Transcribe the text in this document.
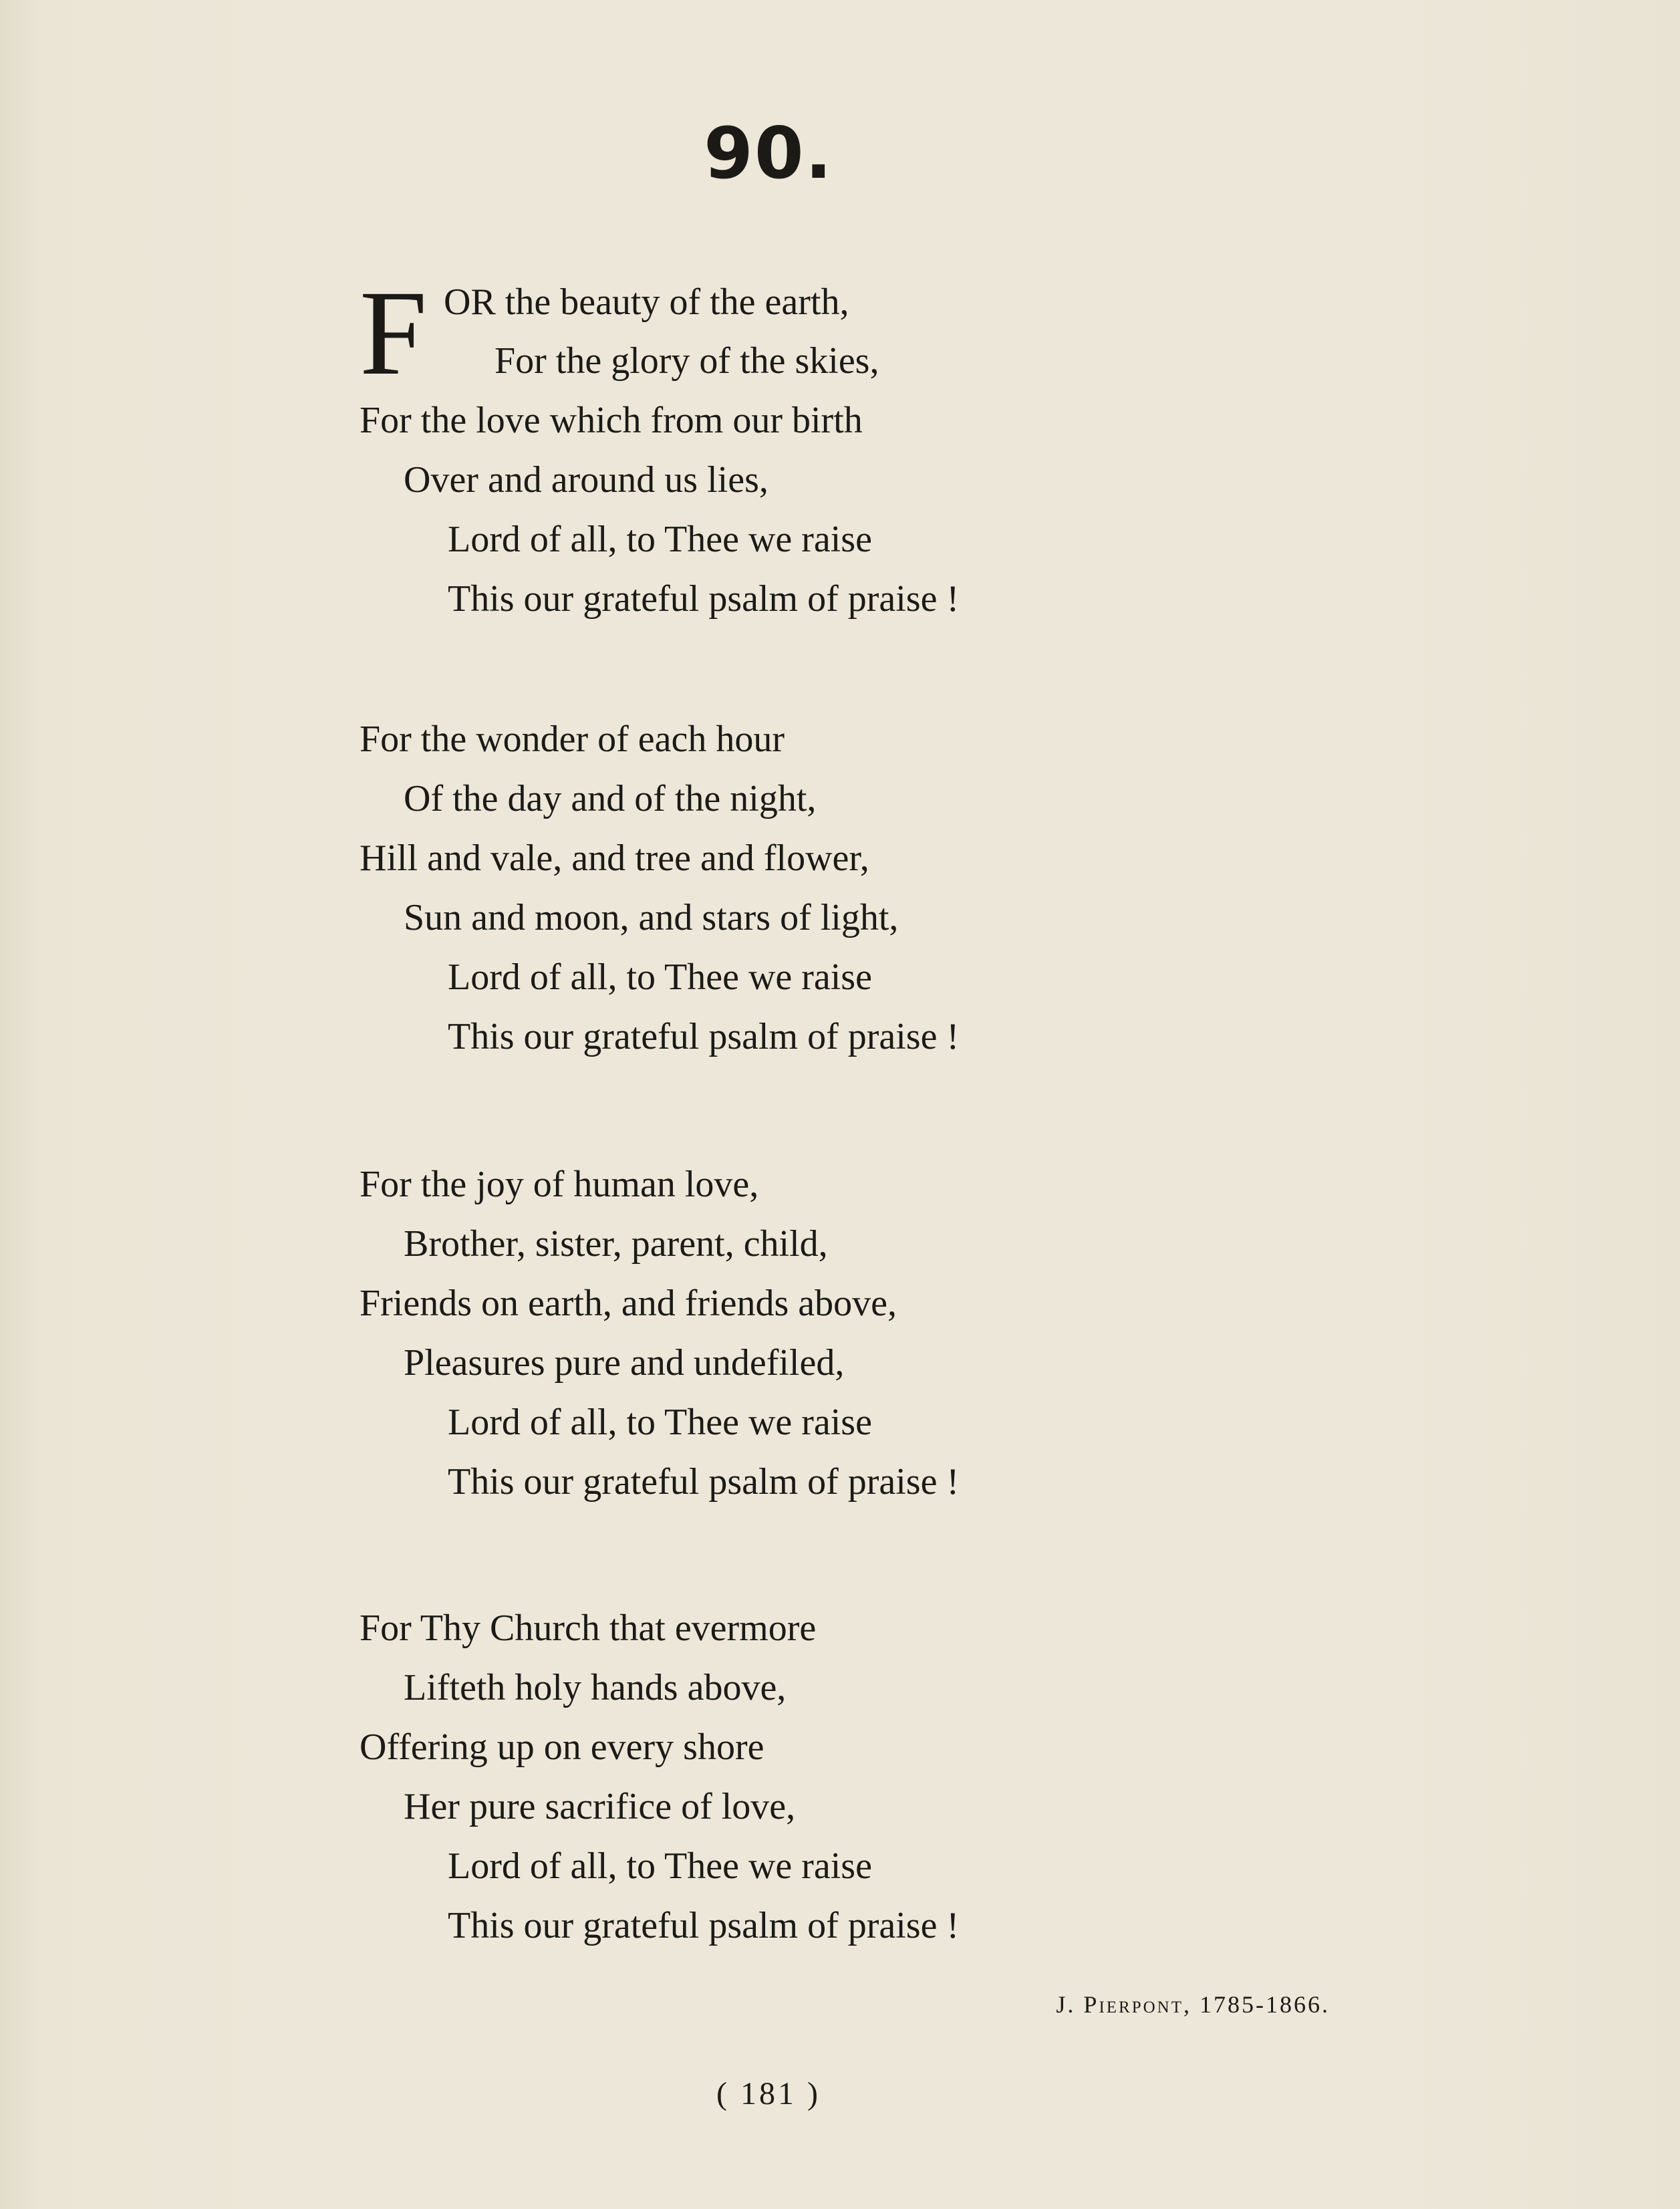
90.
F OR the beauty of the earth,
For the glory of the skies,
For the love which from our birth
Over and around us lies,
Lord of all, to Thee we raise
This our grateful psalm of praise !
For the wonder of each hour
Of the day and of the night,
Hill and vale, and tree and flower,
Sun and moon, and stars of light,
Lord of all, to Thee we raise
This our grateful psalm of praise !
For the joy of human love,
Brother, sister, parent, child,
Friends on earth, and friends above,
Pleasures pure and undefiled,
Lord of all, to Thee we raise
This our grateful psalm of praise !
For Thy Church that evermore
Lifteth holy hands above,
Offering up on every shore
Her pure sacrifice of love,
Lord of all, to Thee we raise
This our grateful psalm of praise !
J. Pierpont, 1785-1866.
( 181 )
